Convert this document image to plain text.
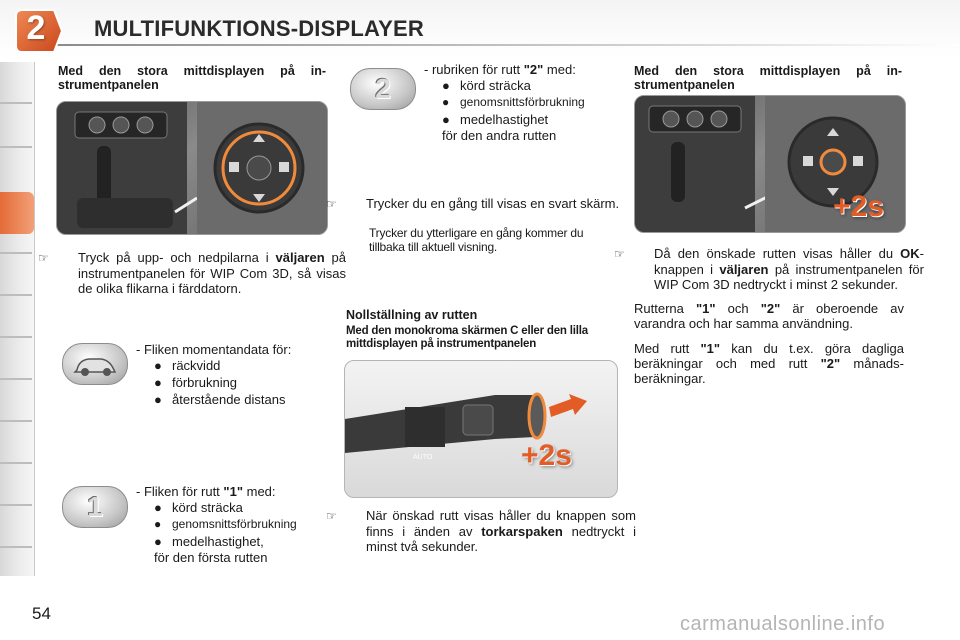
2	MULTIFUNKTIONS-DISPLAYER
Med den stora mittdisplayen på in-strumentpanelen
☞ Tryck på upp- och nedpilarna i väljaren på instrumentpanelen för WIP Com 3D, så visas de olika flikarna i färddatorn.
- Fliken momentandata för:
● räckvidd
● förbrukning
● återstående distans
1	- Fliken för rutt "1" med:
● körd sträcka
● genomsnittsförbrukning
● medelhastighet,
för den första rutten
2
- rubriken för rutt "2" med:
● körd sträcka
● genomsnittsförbrukning
● medelhastighet
för den andra rutten
☞ Trycker du en gång till visas en svart skärm.
Trycker du ytterligare en gång kommer du tillbaka till aktuell visning.
Nollställning av rutten
Med den monokroma skärmen C eller den lilla mittdisplayen på instrumentpanelen
AUTO	+2s
☞ När önskad rutt visas håller du knappen som finns i änden av torkarspaken nedtryckt i minst två sekunder.
Med den stora mittdisplayen på in-strumentpanelen
+2s
☞ Då den önskade rutten visas håller du OK-knappen i väljaren på instrumentpanelen för WIP Com 3D nedtryckt i minst 2 sekunder.
Rutterna "1" och "2" är oberoende av varandra och har samma användning.
Med rutt "1" kan du t.ex. göra dagliga beräkningar och med rutt "2" månads-beräkningar.
54	carmanualsonline.info
